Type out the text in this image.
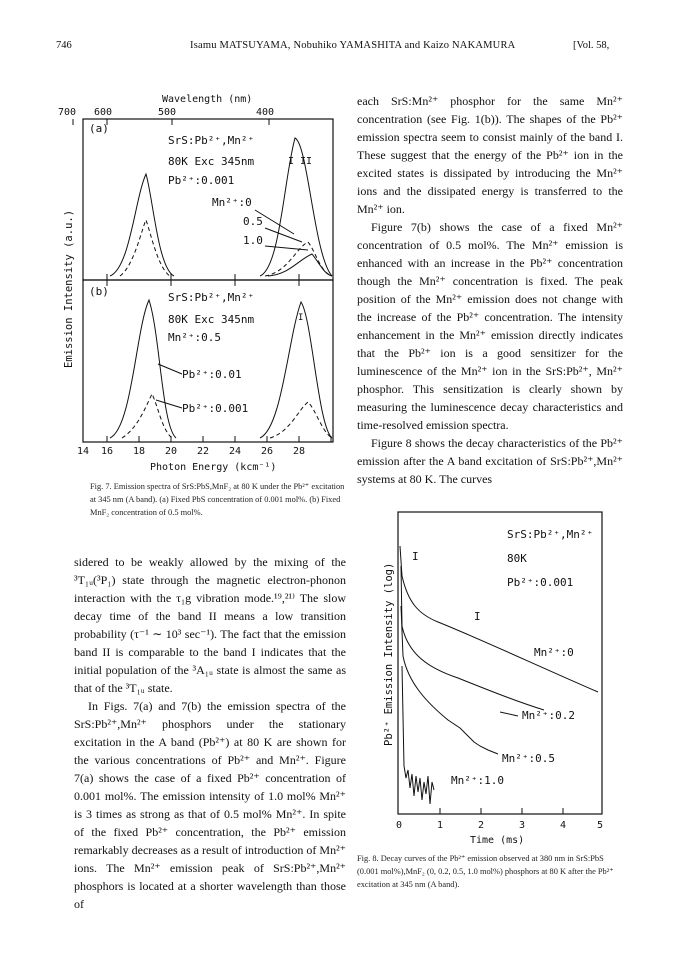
746	Isamu MATSUYAMA, Nobuhiko YAMASHITA and Kaizo NAKAMURA	[Vol. 58,
Wavelength (nm)
700 600	500	400
Emission Intensity (a.u.)
(a)
SrS:Pb²⁺,Mn²⁺
80K Exc 345nm
Pb²⁺:0.001
Mn²⁺:0
0.5
1.0
I II
(b)	SrS:Pb²⁺,Mn²⁺
80K Exc 345nm
Mn²⁺:0.5
Pb²⁺:0.01
Pb²⁺:0.001
I
14 16 18 20 22 24 26 28
Photon Energy (kcm⁻¹)
Fig. 7. Emission spectra of SrS:PbS,MnF₂ at 80 K under the Pb²⁺ excitation at 345 nm (A band). (a) Fixed PbS concentration of 0.001 mol%. (b) Fixed MnF₂ concentration of 0.5 mol%.

each SrS:Mn²⁺ phosphor for the same Mn²⁺ concentration (see Fig. 1(b)). The shapes of the Pb²⁺ emission spectra seem to consist mainly of the band I. These suggest that the energy of the Pb²⁺ ion in the excited states is dissipated by introducing the Mn²⁺ ions and the dissipated energy is transferred to the Mn²⁺ ion.

Figure 7(b) shows the case of a fixed Mn²⁺ concentration of 0.5 mol%. The Mn²⁺ emission is enhanced with an increase in the Pb²⁺ concentration though the Mn²⁺ concentration is fixed. The peak position of the Mn²⁺ emission does not change with the increase of the Pb²⁺ concentration. The intensity enhancement in the Mn²⁺ emission directly indicates that the Pb²⁺ ion is a good sensitizer for the luminescence of the Mn²⁺ ion in the SrS:Pb²⁺, Mn²⁺ phosphor. This sensitization is clearly shown by measuring the luminescence decay characteristics and time-resolved emission spectra.

Figure 8 shows the decay characteristics of the Pb²⁺ emission after the A band excitation of SrS:Pb²⁺,Mn²⁺ systems at 80 K. The curves

Pb²⁺ Emission Intensity (log)
SrS:Pb²⁺,Mn²⁺
80K
Pb²⁺:0.001
I
I
Mn²⁺:0
Mn²⁺:0.2
Mn²⁺:0.5
Mn²⁺:1.0
0	1	2	3	4	5
Time (ms)
Fig. 8. Decay curves of the Pb²⁺ emission observed at 380 nm in SrS:PbS (0.001 mol%),MnF₂ (0, 0.2, 0.5, 1.0 mol%) phosphors at 80 K after the Pb²⁺ excitation at 345 nm (A band).

sidered to be weakly allowed by the mixing of the ³T₁ᵤ(³P₁) state through the magnetic electron-phonon interaction with the τ₁g vibration mode.¹⁹,²¹⁾ The slow decay time of the band II means a low transition probability (τ⁻¹ ∼ 10³ sec⁻¹). The fact that the emission band II is comparable to the band I indicates that the initial population of the ³A₁ᵤ state is almost the same as that of the ³T₁ᵤ state.

In Figs. 7(a) and 7(b) the emission spectra of the SrS:Pb²⁺,Mn²⁺ phosphors under the stationary excitation in the A band (Pb²⁺) at 80 K are shown for the various concentrations of Pb²⁺ and Mn²⁺. Figure 7(a) shows the case of a fixed Pb²⁺ concentration of 0.001 mol%. The emission intensity of 1.0 mol% Mn²⁺ is 3 times as strong as that of 0.5 mol% Mn²⁺. In spite of the fixed Pb²⁺ concentration, the Pb²⁺ emission remarkably decreases as a result of introduction of Mn²⁺ ions. The Mn²⁺ emission peak of SrS:Pb²⁺,Mn²⁺ phosphors is located at a shorter wavelength than those of
